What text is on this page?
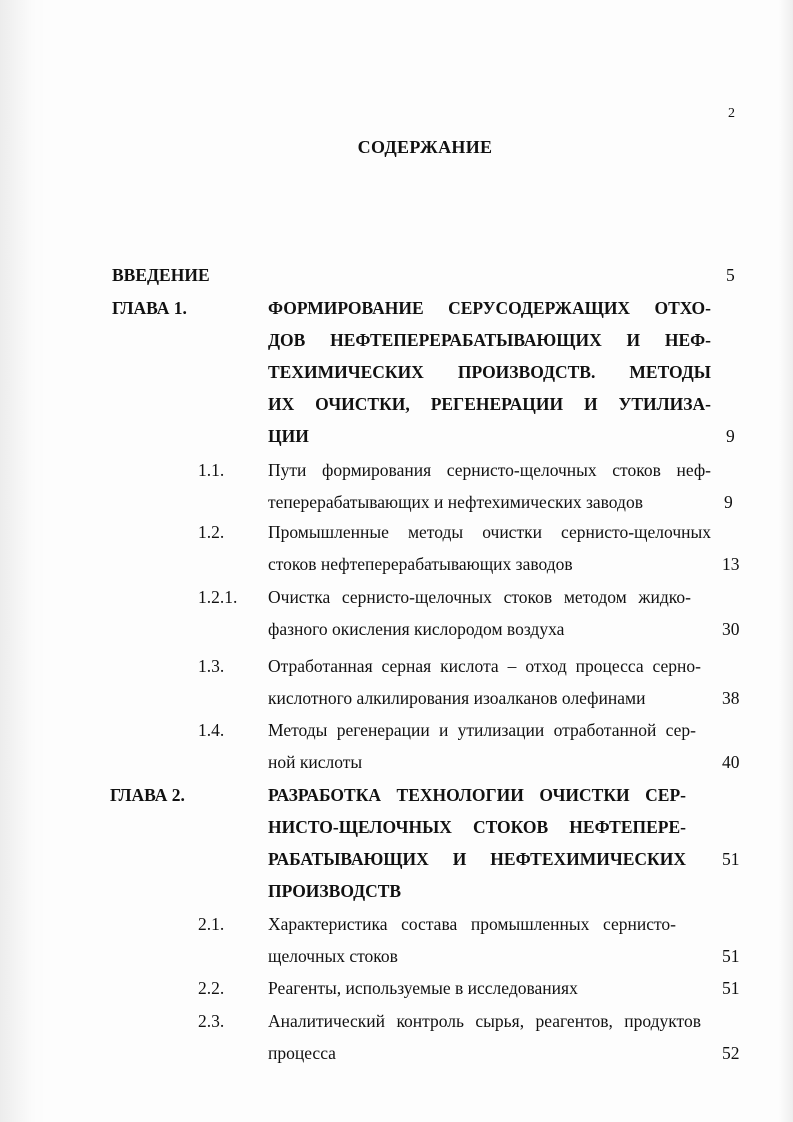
2
СОДЕРЖАНИЕ
ВВЕДЕНИЕ	5
ГЛАВА 1.	ФОРМИРОВАНИЕ СЕРУСОДЕРЖАЩИХ ОТХО-
ДОВ НЕФТЕПЕРЕРАБАТЫВАЮЩИХ И НЕФ-
ТЕХИМИЧЕСКИХ ПРОИЗВОДСТВ. МЕТОДЫ
ИХ ОЧИСТКИ, РЕГЕНЕРАЦИИ И УТИЛИЗА-
ЦИИ	9
1.1.	Пути формирования сернисто-щелочных стоков неф-
теперерабатывающих и нефтехимических заводов	9
1.2.	Промышленные методы очистки сернисто-щелочных
стоков нефтеперерабатывающих заводов	13
1.2.1. Очистка сернисто-щелочных стоков методом жидко-
фазного окисления кислородом воздуха	30
1.3.	Отработанная серная кислота – отход процесса серно-
кислотного алкилирования изоалканов олефинами	38
1.4.	Методы регенерации и утилизации отработанной сер-
ной кислоты	40
ГЛАВА 2.	РАЗРАБОТКА ТЕХНОЛОГИИ ОЧИСТКИ СЕР-
НИСТО-ЩЕЛОЧНЫХ СТОКОВ НЕФТЕПЕРЕ-
РАБАТЫВАЮЩИХ И НЕФТЕХИМИЧЕСКИХ
ПРОИЗВОДСТВ
51
2.1.	Характеристика состава промышленных сернисто-
щелочных стоков	51
2.2.	Реагенты, используемые в исследованиях	51
2.3.	Аналитический контроль сырья, реагентов, продуктов
процесса	52
